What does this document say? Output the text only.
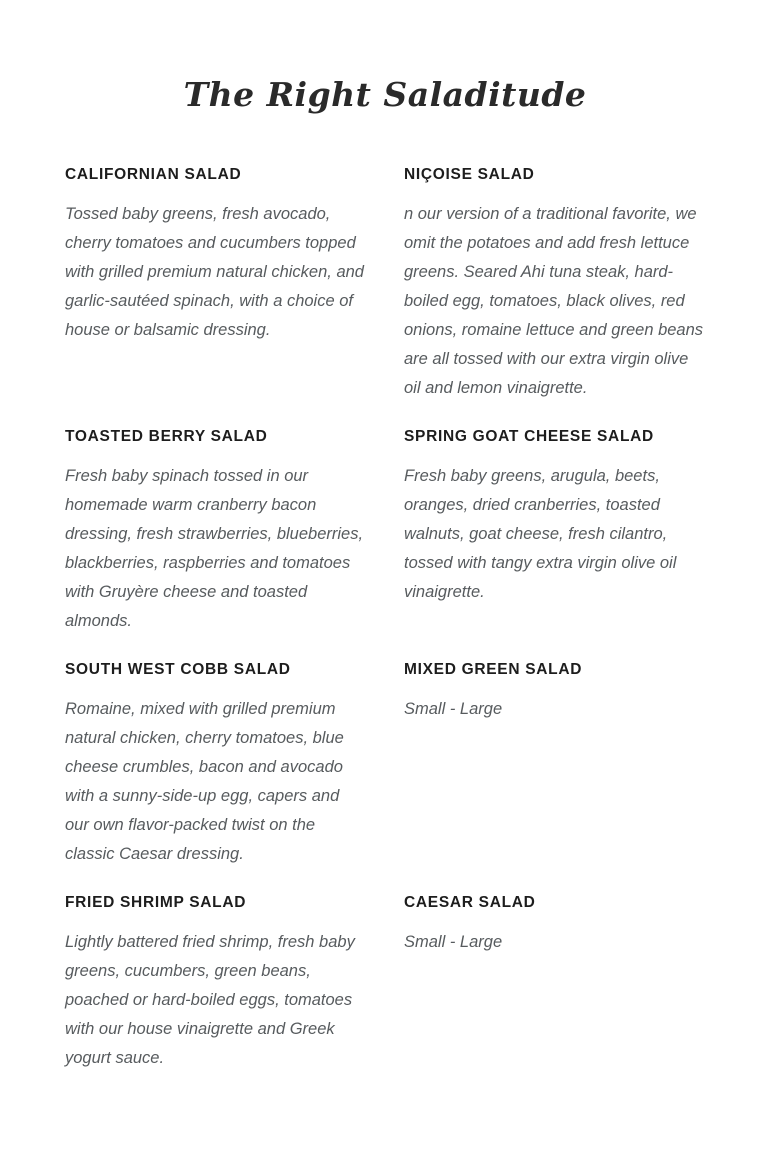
The Right Saladitude
CALIFORNIAN SALAD

Tossed baby greens, fresh avocado, cherry tomatoes and cucumbers topped with grilled premium natural chicken, and garlic-sautéed spinach, with a choice of house or balsamic dressing.

NIÇOISE SALAD

n our version of a traditional favorite, we omit the potatoes and add fresh lettuce greens. Seared Ahi tuna steak, hard-boiled egg, tomatoes, black olives, red onions, romaine lettuce and green beans are all tossed with our extra virgin olive oil and lemon vinaigrette.

TOASTED BERRY SALAD

Fresh baby spinach tossed in our homemade warm cranberry bacon dressing, fresh strawberries, blueberries, blackberries, raspberries and tomatoes with Gruyère cheese and toasted almonds.

SPRING GOAT CHEESE SALAD

Fresh baby greens, arugula, beets, oranges, dried cranberries, toasted walnuts, goat cheese, fresh cilantro, tossed with tangy extra virgin olive oil vinaigrette.

SOUTH WEST COBB SALAD

Romaine, mixed with grilled premium natural chicken, cherry tomatoes, blue cheese crumbles, bacon and avocado with a sunny-side-up egg, capers and our own flavor-packed twist on the classic Caesar dressing.

MIXED GREEN SALAD

Small - Large

FRIED SHRIMP SALAD

Lightly battered fried shrimp, fresh baby greens, cucumbers, green beans, poached or hard-boiled eggs, tomatoes with our house vinaigrette and Greek yogurt sauce.

CAESAR SALAD

Small - Large
